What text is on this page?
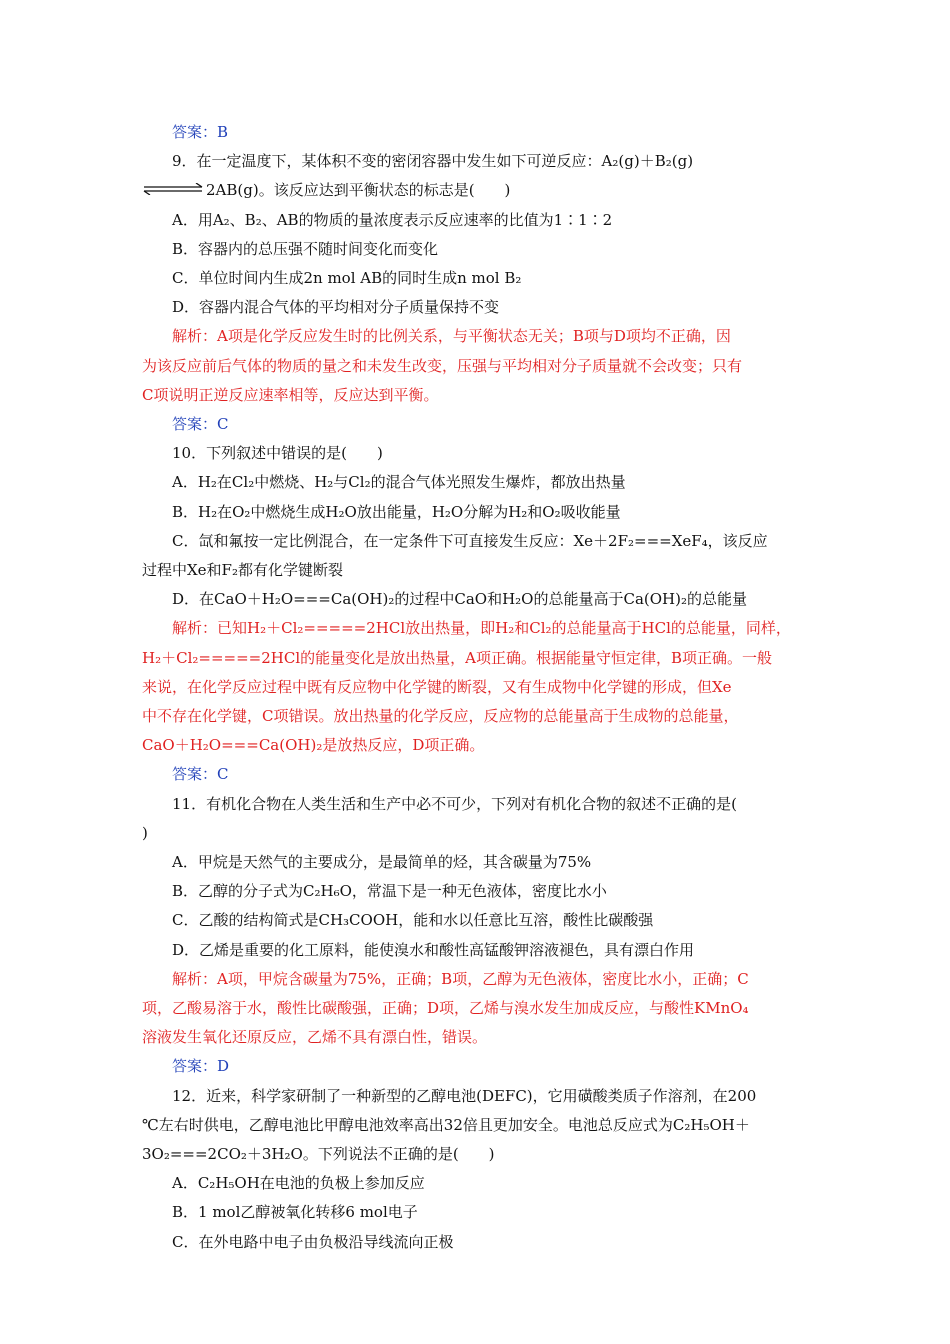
答案：B
9．在一定温度下，某体积不变的密闭容器中发生如下可逆反应：A₂(g)＋B₂(g)
⇌ 2AB(g)。该反应达到平衡状态的标志是(　　)
A．用A₂、B₂、AB的物质的量浓度表示反应速率的比值为1∶1∶2
B．容器内的总压强不随时间变化而变化
C．单位时间内生成2n mol AB的同时生成n mol B₂
D．容器内混合气体的平均相对分子质量保持不变
解析：A项是化学反应发生时的比例关系，与平衡状态无关；B项与D项均不正确，因
为该反应前后气体的物质的量之和未发生改变，压强与平均相对分子质量就不会改变；只有
C项说明正逆反应速率相等，反应达到平衡。
答案：C
10．下列叙述中错误的是(　　)
A．H₂在Cl₂中燃烧、H₂与Cl₂的混合气体光照发生爆炸，都放出热量
B．H₂在O₂中燃烧生成H₂O放出能量，H₂O分解为H₂和O₂吸收能量
C．氙和氟按一定比例混合，在一定条件下可直接发生反应：Xe＋2F₂===XeF₄，该反应
过程中Xe和F₂都有化学键断裂
D．在CaO＋H₂O===Ca(OH)₂的过程中CaO和H₂O的总能量高于Ca(OH)₂的总能量
解析：已知H₂＋Cl₂=====2HCl放出热量，即H₂和Cl₂的总能量高于HCl的总能量，同样，
H₂＋Cl₂=====2HCl的能量变化是放出热量，A项正确。根据能量守恒定律，B项正确。一般
来说，在化学反应过程中既有反应物中化学键的断裂，又有生成物中化学键的形成，但Xe
中不存在化学键，C项错误。放出热量的化学反应，反应物的总能量高于生成物的总能量，
CaO＋H₂O===Ca(OH)₂是放热反应，D项正确。
答案：C
11．有机化合物在人类生活和生产中必不可少，下列对有机化合物的叙述不正确的是(
)
A．甲烷是天然气的主要成分，是最简单的烃，其含碳量为75%
B．乙醇的分子式为C₂H₆O，常温下是一种无色液体，密度比水小
C．乙酸的结构简式是CH₃COOH，能和水以任意比互溶，酸性比碳酸强
D．乙烯是重要的化工原料，能使溴水和酸性高锰酸钾溶液褪色，具有漂白作用
解析：A项，甲烷含碳量为75%，正确；B项，乙醇为无色液体，密度比水小，正确；C
项，乙酸易溶于水，酸性比碳酸强，正确；D项，乙烯与溴水发生加成反应，与酸性KMnO₄
溶液发生氧化还原反应，乙烯不具有漂白性，错误。
答案：D
12．近来，科学家研制了一种新型的乙醇电池(DEFC)，它用磺酸类质子作溶剂，在200
℃左右时供电，乙醇电池比甲醇电池效率高出32倍且更加安全。电池总反应式为C₂H₅OH＋
3O₂===2CO₂＋3H₂O。下列说法不正确的是(　　)
A．C₂H₅OH在电池的负极上参加反应
B．1 mol乙醇被氧化转移6 mol电子
C．在外电路中电子由负极沿导线流向正极
